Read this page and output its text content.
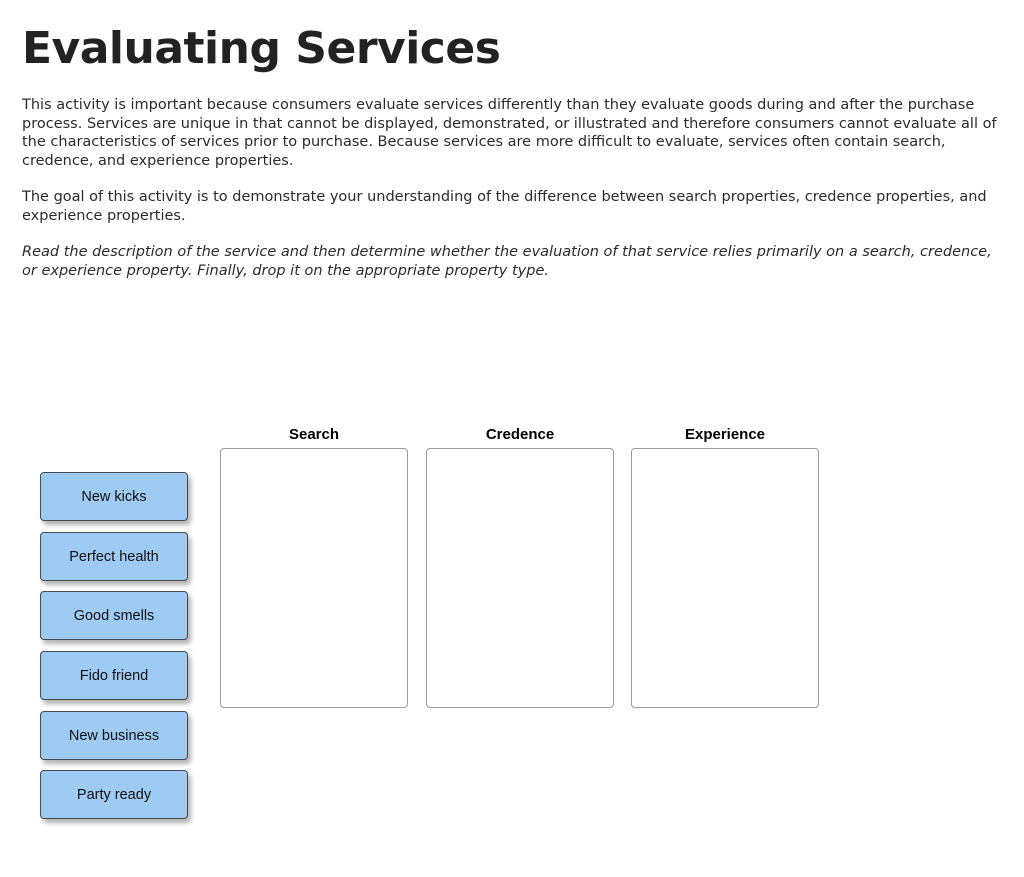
Evaluating Services

This activity is important because consumers evaluate services differently than they evaluate goods during and after the purchase process. Services are unique in that cannot be displayed, demonstrated, or illustrated and therefore consumers cannot evaluate all of the characteristics of services prior to purchase. Because services are more difficult to evaluate, services often contain search, credence, and experience properties.

The goal of this activity is to demonstrate your understanding of the difference between search properties, credence properties, and experience properties.

Read the description of the service and then determine whether the evaluation of that service relies primarily on a search, credence, or experience property. Finally, drop it on the appropriate property type.

Search	Credence	Experience
New kicks
Perfect health
Good smells
Fido friend
New business
Party ready
